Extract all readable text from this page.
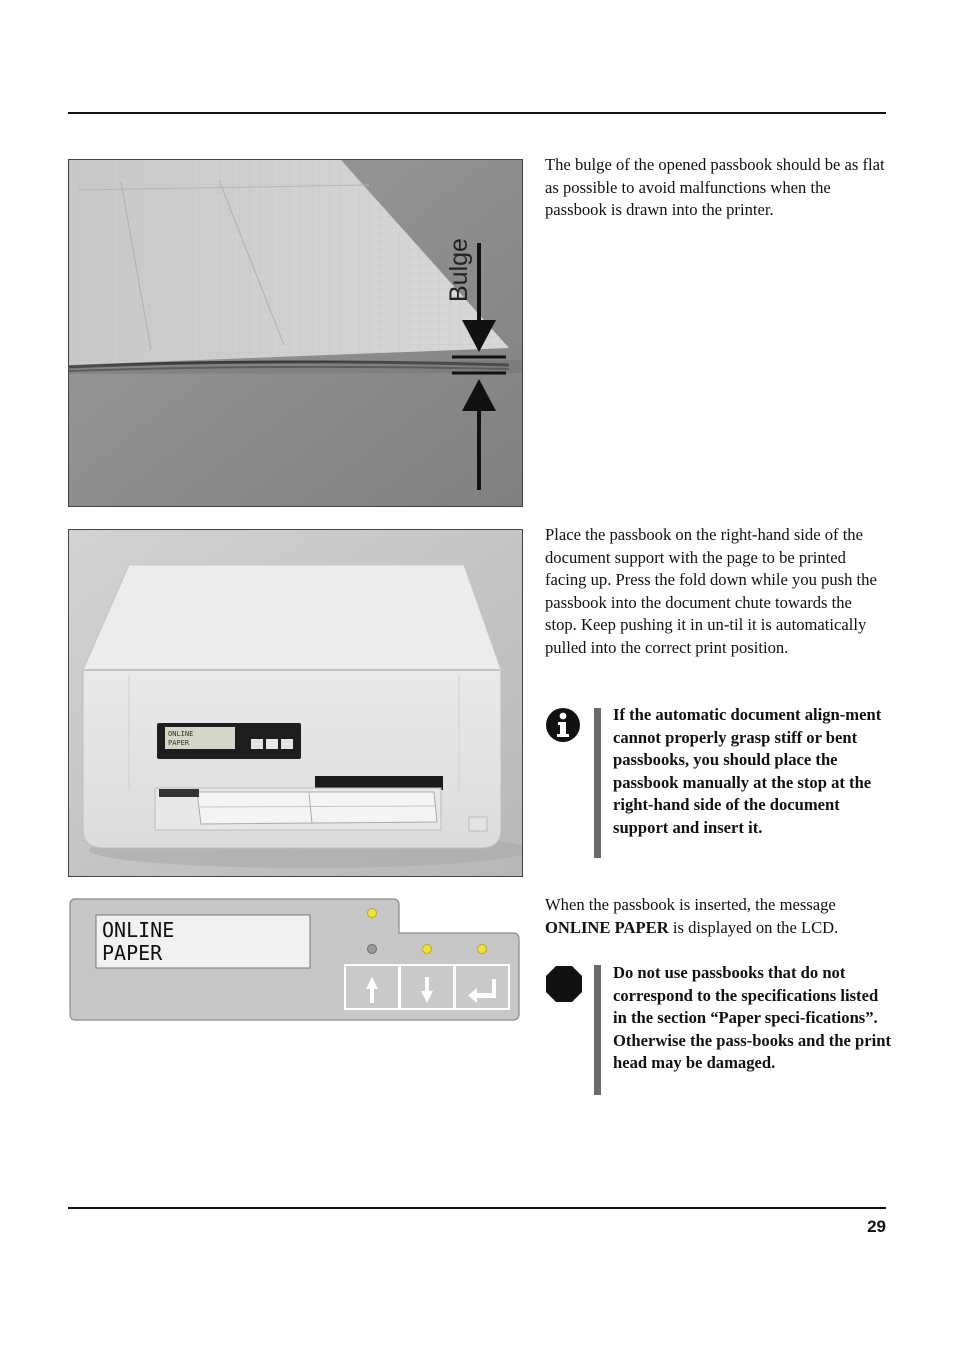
Bulge

The bulge of the opened passbook should be as flat as possible to avoid malfunctions when the passbook is drawn into the printer.

ONLINE
PAPER

Place the passbook on the right-hand side of the document support with the page to be printed facing up. Press the fold down while you push the passbook into the document chute towards the stop. Keep pushing it in un-til it is automatically pulled into the correct print position.

If the automatic document align-ment cannot properly grasp stiff or bent passbooks, you should place the passbook manually at the stop at the right-hand side of the document support and insert it.

When the passbook is inserted, the message ONLINE PAPER is displayed on the LCD.

ONLINE
PAPER

Do not use passbooks that do not correspond to the specifications listed in the section “Paper speci-fications”. Otherwise the pass-books and the print head may be damaged.

29
